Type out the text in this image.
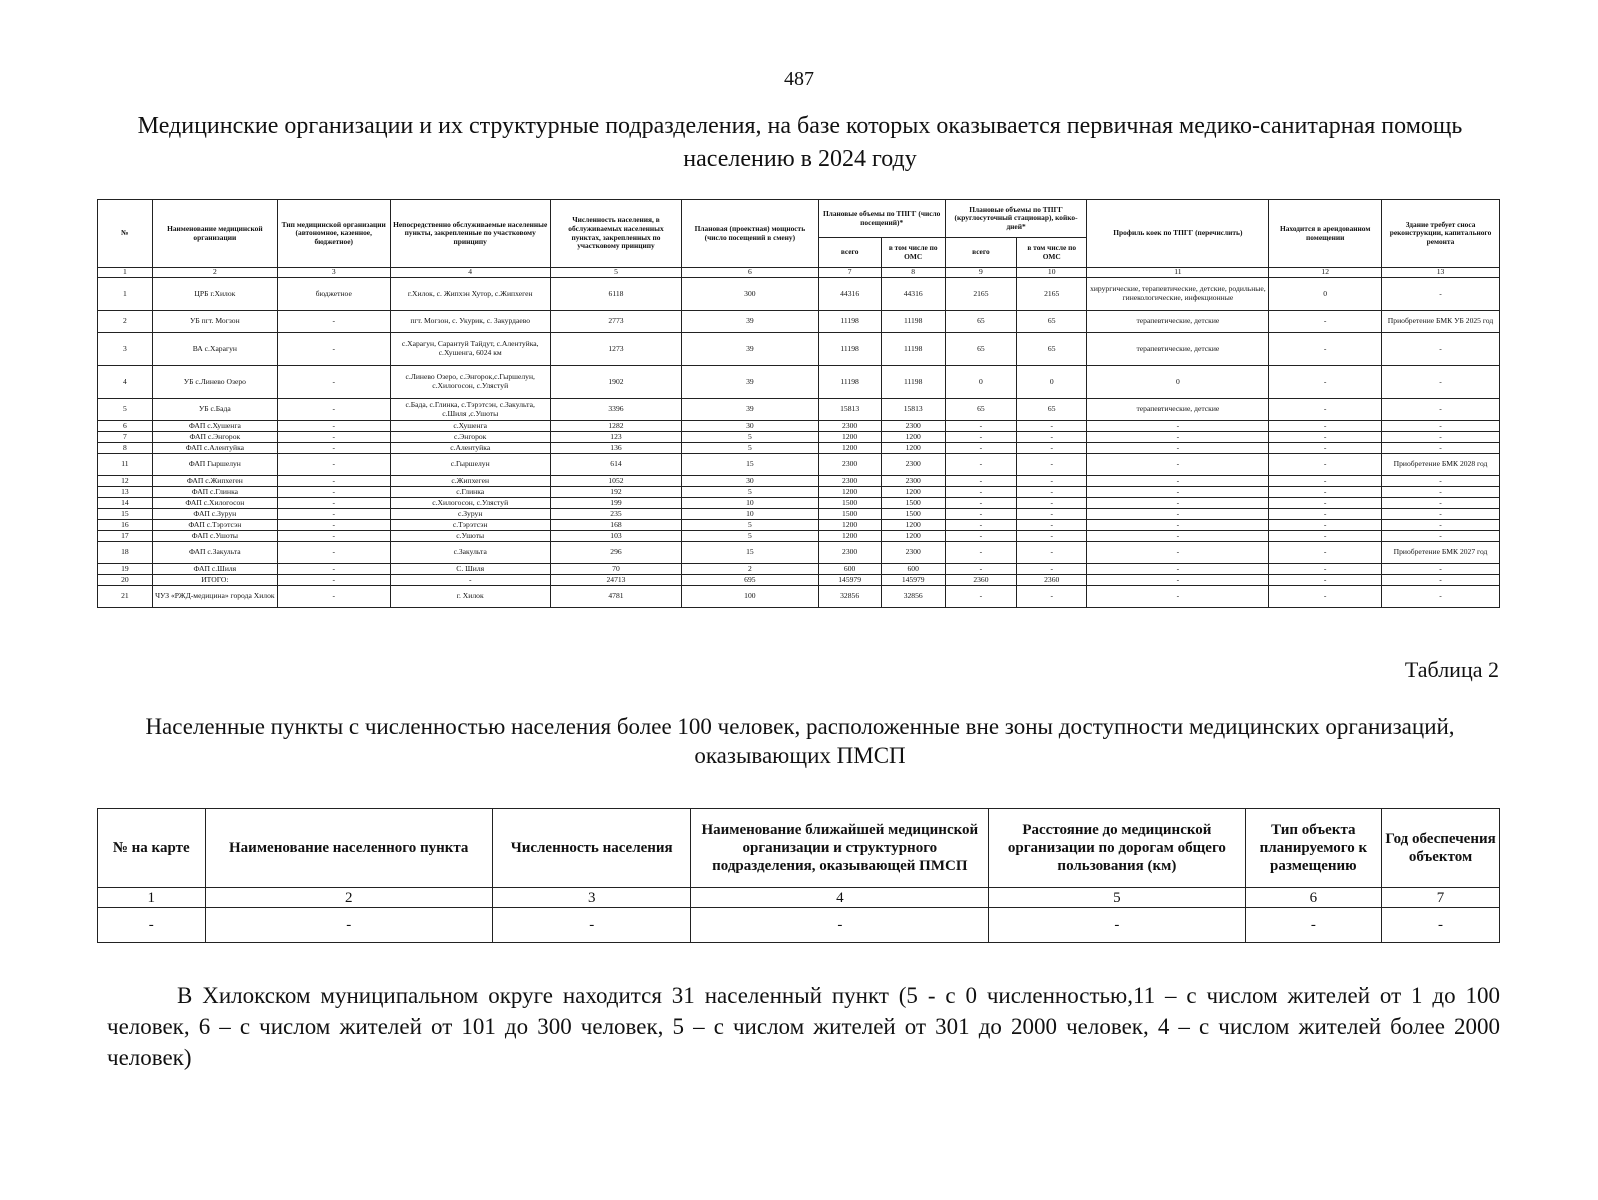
487
Медицинские организации и их структурные подразделения, на базе которых оказывается первичная медико-санитарная помощь населению в 2024 году
№	Наименование медицинской организации	Тип медицинской организации (автономное, казенное, бюджетное)	Непосредственно обслуживаемые населенные пункты, закрепленные по участковому принципу	Численность населения, в обслуживаемых населенных пунктах, закрепленных по участковому принципу	Плановая (проектная) мощность (число посещений в смену)	Плановые объемы по ТПГГ (число посещений)*		Плановые объемы по ТПГГ (круглосуточный стационар), койко-дней*		Профиль коек по ТПГГ (перечислить)	Находится в арендованном помещении	Здание требует сноса реконструкции, капитального ремонта
						всего	в том числе по ОМС	всего	в том числе по ОМС			
1	2	3	4	5	6	7	8	9	10	11	12	13
1	ЦРБ г.Хилок	бюджетное	г.Хилок, с. Жипхэн Хутор, с.Жипхеген	6118	300	44316	44316	2165	2165	хирургические, терапевтические, детские, родильные, гинекологические, инфекционные	0	-
2	УБ пгт. Могзон	-	пгт. Могзон, с. Укурик, с. Закурдаево	2773	39	11198	11198	65	65	терапевтические, детские	-	Приобретение БМК УБ 2025 год
3	ВА с.Харагун	-	с.Харагун, Сарантуй Тайдут, с.Алентуйка, с.Хушенга, 6024 км	1273	39	11198	11198	65	65	терапевтические, детские	-	-
4	УБ с.Линево Озеро	-	с.Линево Озеро, с.Энгорок,с.Гыршелун, с.Хилогосон, с.Улястуй	1902	39	11198	11198	0	0	0	-	-
5	УБ с.Бада	-	с.Бада, с.Глинка, с.Тэрэтсэн, с.Закульта, с.Шиля ,с.Ушоты	3396	39	15813	15813	65	65	терапевтические, детские	-	-
6	ФАП с.Хушенга	-	с.Хушенга	1282	30	2300	2300	-	-	-	-	-
7	ФАП с.Энгорок	-	с.Энгорок	123	5	1200	1200	-	-	-	-	-
8	ФАП с.Алентуйка	-	с.Алентуйка	136	5	1200	1200	-	-	-	-	-
11	ФАП Гыршелун	-	с.Гыршелун	614	15	2300	2300	-	-	-	-	Приобретение БМК 2028 год
12	ФАП с.Жипхеген	-	с.Жипхеген	1052	30	2300	2300	-	-	-	-	-
13	ФАП с.Глинка	-	с.Глинка	192	5	1200	1200	-	-	-	-	-
14	ФАП с.Хилогосон	-	с.Хилогосон, с.Улястуй	199	10	1500	1500	-	-	-	-	-
15	ФАП с.Зурун	-	с.Зурун	235	10	1500	1500	-	-	-	-	-
16	ФАП с.Тэрэтсэн	-	с.Тэрэтсэн	168	5	1200	1200	-	-	-	-	-
17	ФАП с.Ушоты	-	с.Ушоты	103	5	1200	1200	-	-	-	-	-
18	ФАП с.Закульта	-	с.Закульта	296	15	2300	2300	-	-	-	-	Приобретение БМК 2027 год
19	ФАП с.Шиля	-	С. Шиля	70	2	600	600	-	-	-	-	-
20	ИТОГО:	-	-	24713	695	145979	145979	2360	2360	-	-	-
21	ЧУЗ «РЖД-медицина» города Хилок	-	г. Хилок	4781	100	32856	32856	-	-	-	-	-
Таблица 2
Населенные пункты с численностью населения более 100 человек, расположенные вне зоны доступности медицинских организаций, оказывающих ПМСП
№ на карте	Наименование населенного пункта	Численность населения	Наименование ближайшей медицинской организации и структурного подразделения, оказывающей ПМСП	Расстояние до медицинской организации по дорогам общего пользования (км)	Тип объекта планируемого к размещению	Год обеспечения объектом
1	2	3	4	5	6	7
-	-	-	-	-	-	-
В Хилокском муниципальном округе находится 31 населенный пункт (5 - с 0 численностью,11 – с числом жителей от 1 до 100 человек, 6 – с числом жителей от 101 до 300 человек, 5 – с числом жителей от 301 до 2000 человек, 4 – с числом жителей более 2000 человек)
